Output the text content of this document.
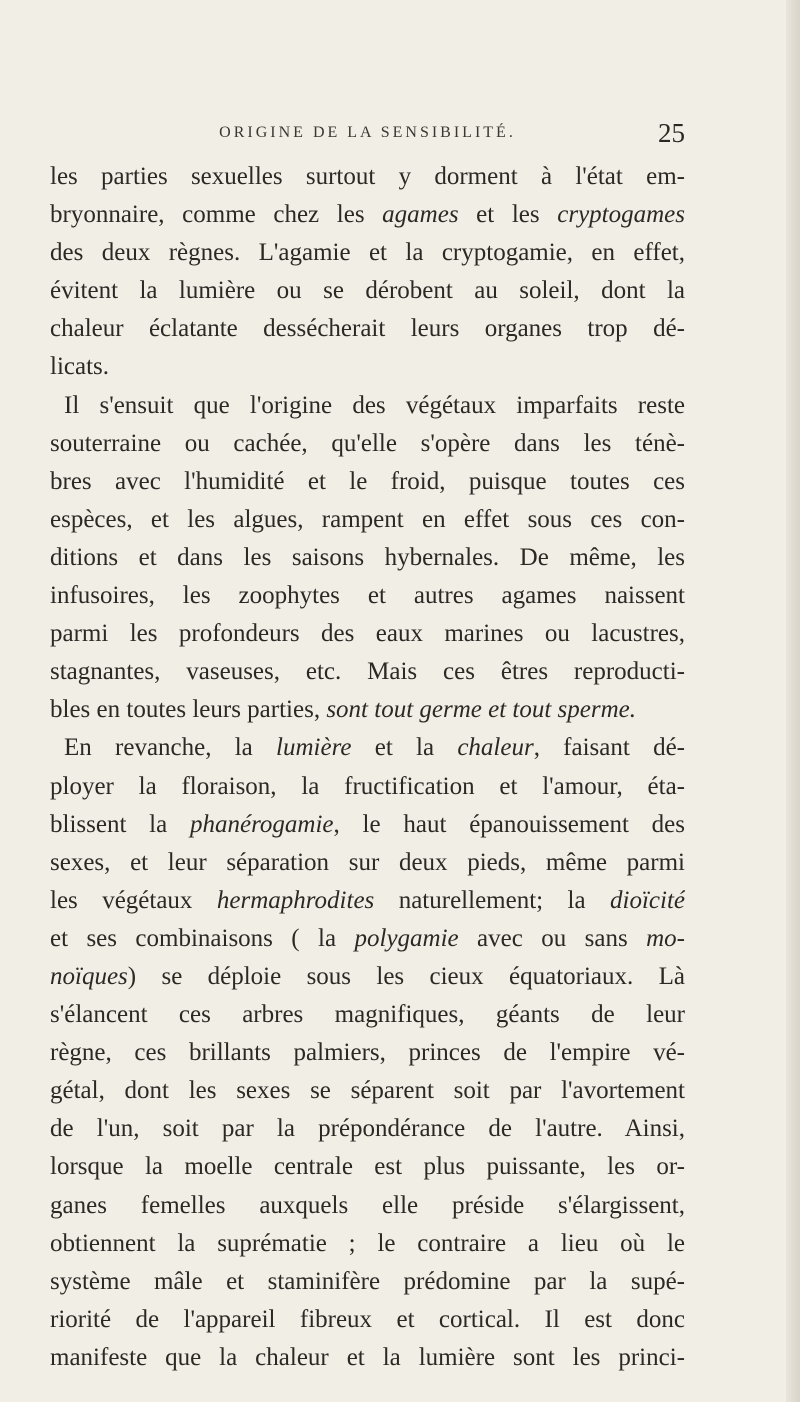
ORIGINE DE LA SENSIBILITÉ.	25
les parties sexuelles surtout y dorment à l'état em-
bryonnaire, comme chez les agames et les cryptogames
des deux règnes. L'agamie et la cryptogamie, en effet,
évitent la lumière ou se dérobent au soleil, dont la
chaleur éclatante dessécherait leurs organes trop dé-
licats.
Il s'ensuit que l'origine des végétaux imparfaits reste
souterraine ou cachée, qu'elle s'opère dans les ténè-
bres avec l'humidité et le froid, puisque toutes ces
espèces, et les algues, rampent en effet sous ces con-
ditions et dans les saisons hybernales. De même, les
infusoires, les zoophytes et autres agames naissent
parmi les profondeurs des eaux marines ou lacustres,
stagnantes, vaseuses, etc. Mais ces êtres reproducti-
bles en toutes leurs parties, sont tout germe et tout sperme.
En revanche, la lumière et la chaleur, faisant dé-
ployer la floraison, la fructification et l'amour, éta-
blissent la phanérogamie, le haut épanouissement des
sexes, et leur séparation sur deux pieds, même parmi
les végétaux hermaphrodites naturellement; la dioïcité
et ses combinaisons ( la polygamie avec ou sans mo-
noïques) se déploie sous les cieux équatoriaux. Là
s'élancent ces arbres magnifiques, géants de leur
règne, ces brillants palmiers, princes de l'empire vé-
gétal, dont les sexes se séparent soit par l'avortement
de l'un, soit par la prépondérance de l'autre. Ainsi,
lorsque la moelle centrale est plus puissante, les or-
ganes femelles auxquels elle préside s'élargissent,
obtiennent la suprématie ; le contraire a lieu où le
système mâle et staminifère prédomine par la supé-
riorité de l'appareil fibreux et cortical. Il est donc
manifeste que la chaleur et la lumière sont les princi-
